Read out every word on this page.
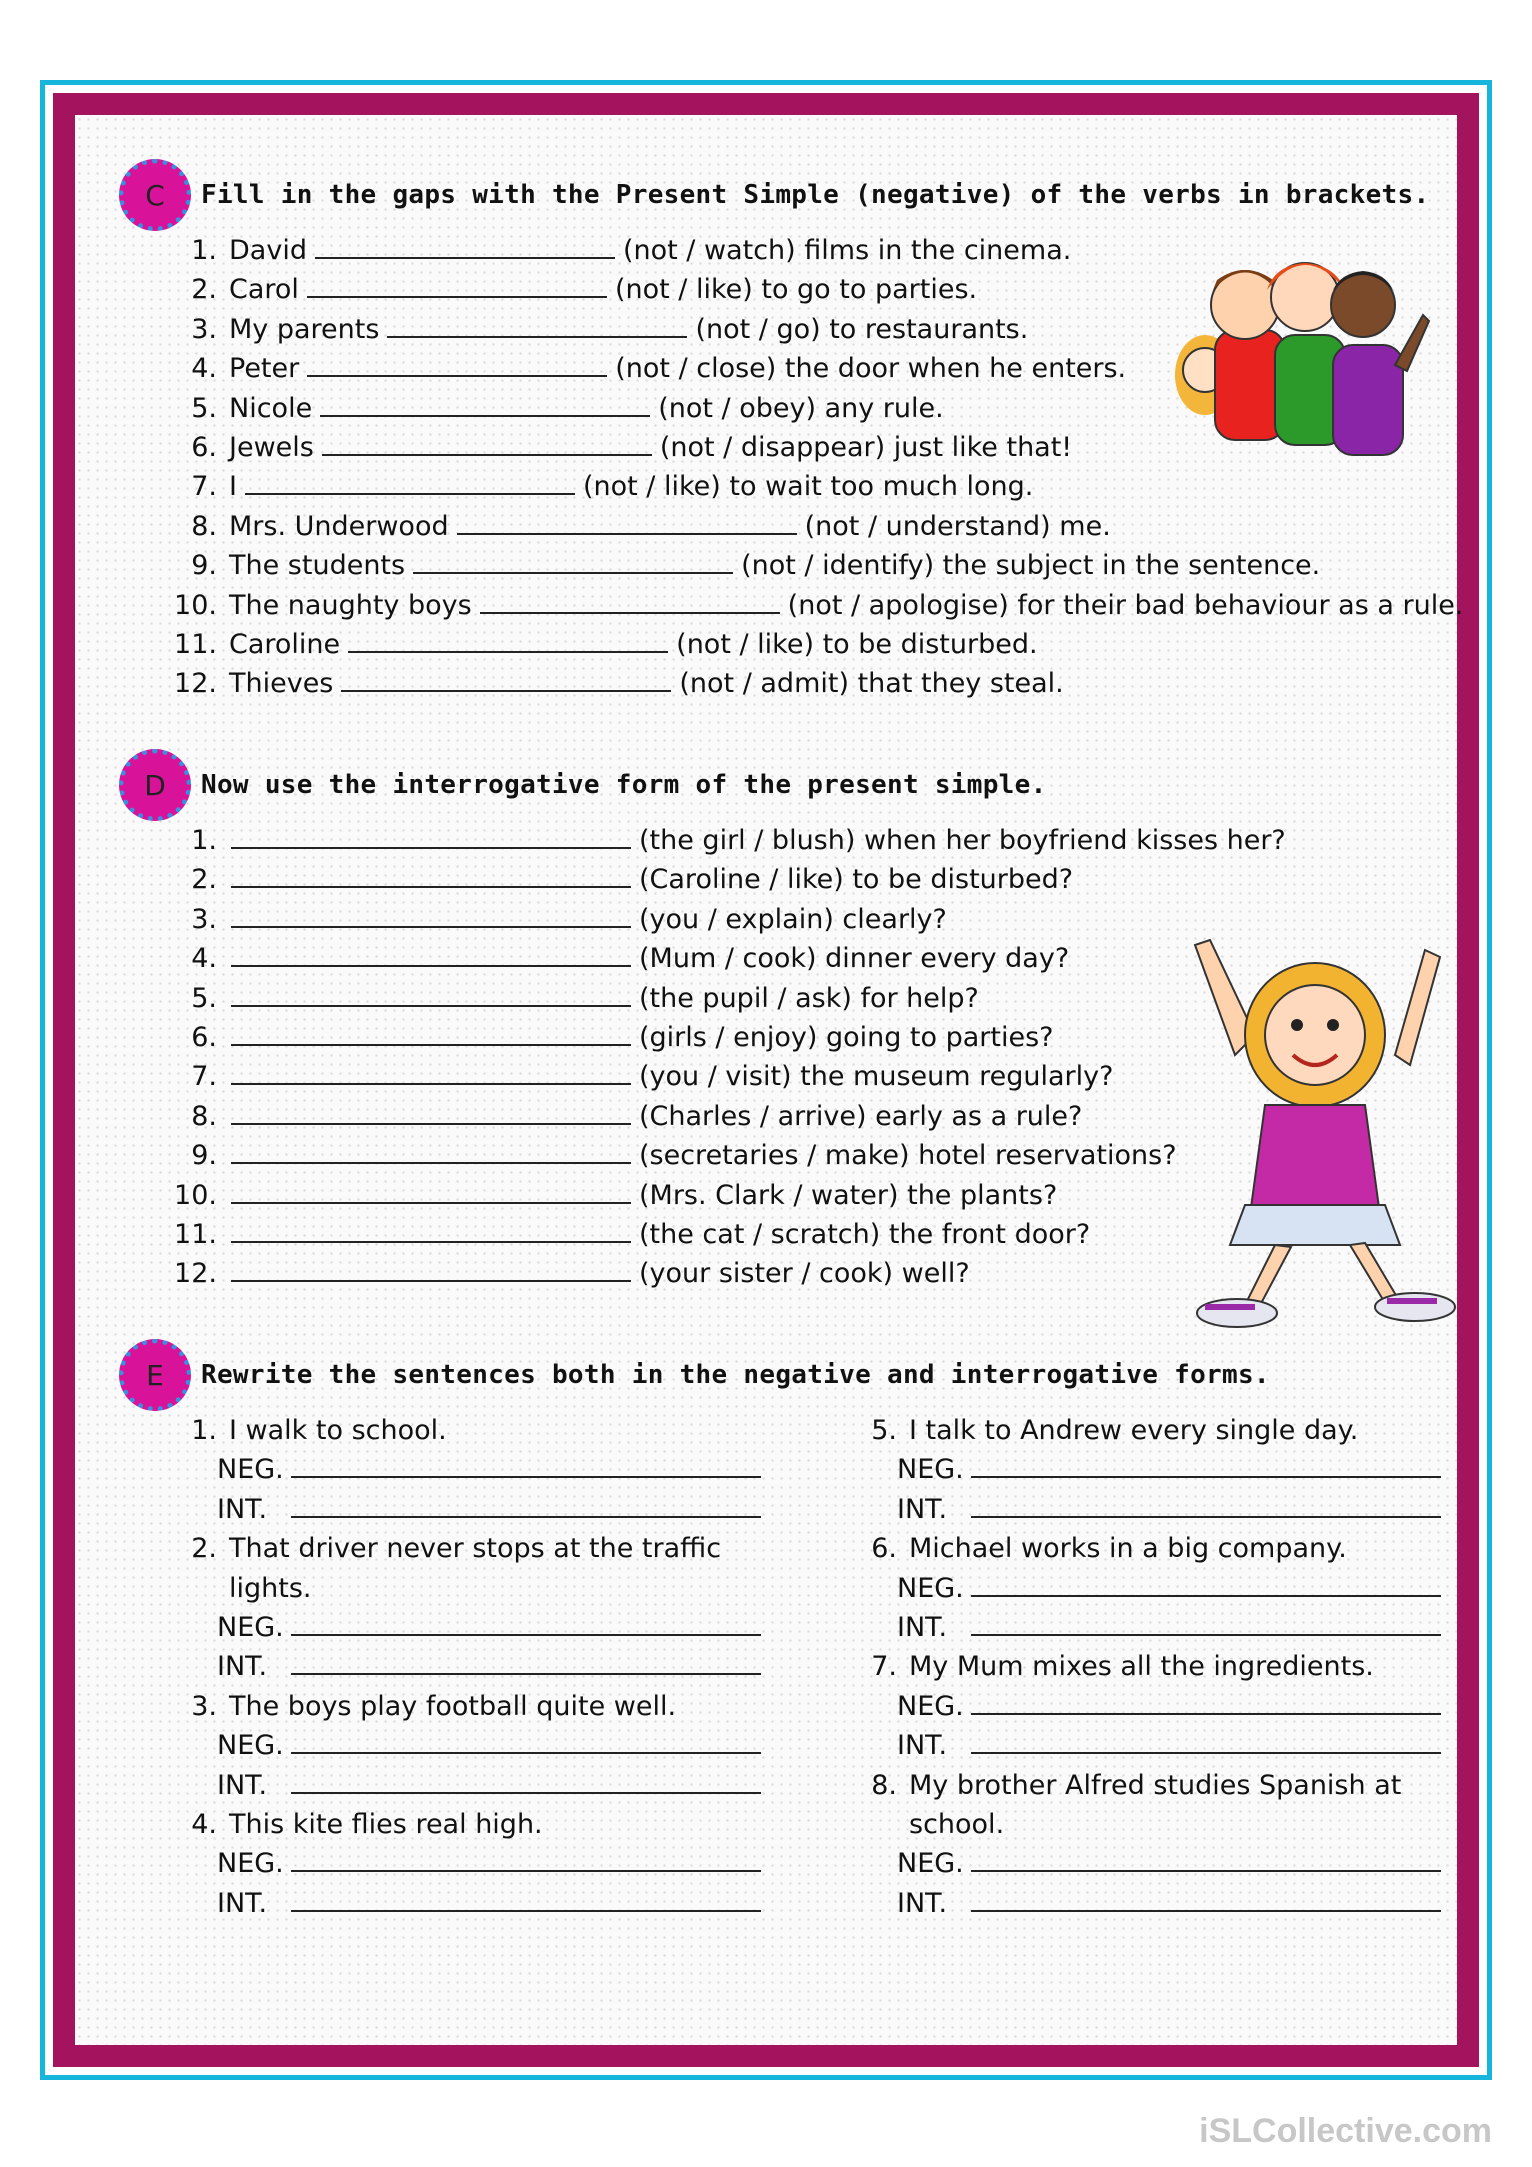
C	Fill in the gaps with the Present Simple (negative) of the verbs in brackets.
1. David	(not / watch) films in the cinema.
2. Carol	(not / like) to go to parties.
3. My parents	(not / go) to restaurants.
4. Peter	(not / close) the door when he enters.
5. Nicole	(not / obey) any rule.
6. Jewels	(not / disappear) just like that!
7. I	(not / like) to wait too much long.
8. Mrs. Underwood	(not / understand) me.
9. The students	(not / identify) the subject in the sentence.
10. The naughty boys	(not / apologise) for their bad behaviour as a rule.
11. Caroline	(not / like) to be disturbed.
12. Thieves	(not / admit) that they steal.
D	Now use the interrogative form of the present simple.
1.	(the girl / blush) when her boyfriend kisses her?
2.	(Caroline / like) to be disturbed?
3.	(you / explain) clearly?
4.	(Mum / cook) dinner every day?
5.	(the pupil / ask) for help?
6.	(girls / enjoy) going to parties?
7.	(you / visit) the museum regularly?
8.	(Charles / arrive) early as a rule?
9.	(secretaries / make) hotel reservations?
10.	(Mrs. Clark / water) the plants?
11.	(the cat / scratch) the front door?
12.	(your sister / cook) well?
E	Rewrite the sentences both in the negative and interrogative forms.
1. I walk to school.
NEG.
INT.
2. That driver never stops at the traffic
lights.
NEG.
INT.
3. The boys play football quite well.
NEG.
INT.
4. This kite flies real high.
NEG.
INT.
5. I talk to Andrew every single day.
NEG.
INT.
6. Michael works in a big company.
NEG.
INT.
7. My Mum mixes all the ingredients.
NEG.
INT.
8. My brother Alfred studies Spanish at
school.
NEG.
INT.
iSLCollective.com
